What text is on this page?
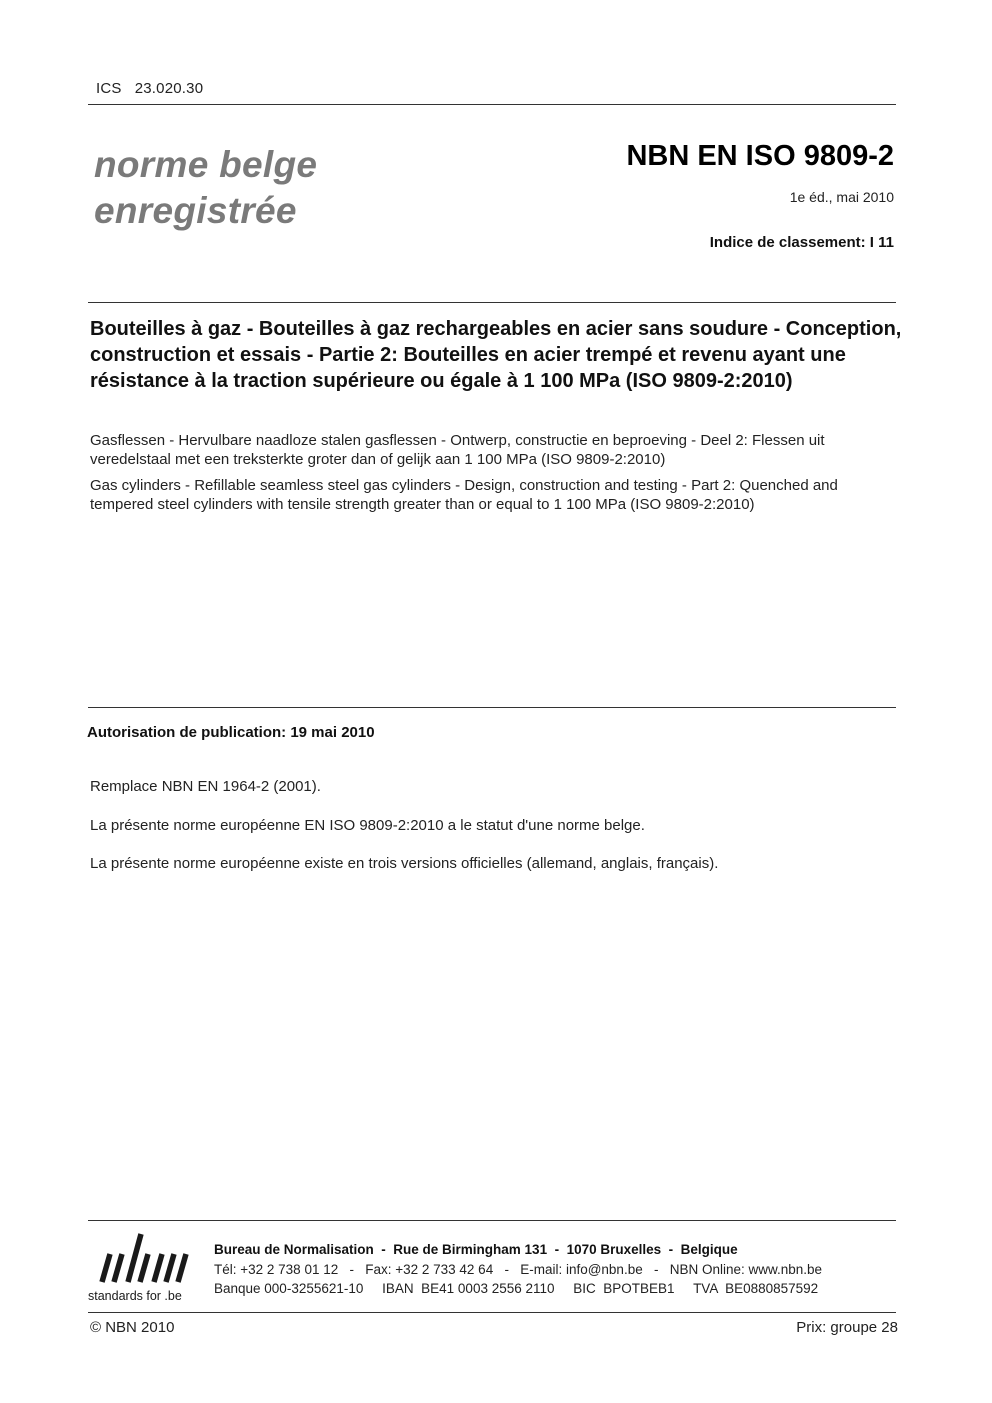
ICS   23.020.30
norme belge
enregistrée
NBN EN ISO 9809-2
1e éd., mai 2010
Indice de classement: I 11
Bouteilles à gaz - Bouteilles à gaz rechargeables en acier sans soudure - Conception, construction et essais - Partie 2: Bouteilles en acier trempé et revenu ayant une résistance à la traction supérieure ou égale à 1 100 MPa (ISO 9809-2:2010)
Gasflessen - Hervulbare naadloze stalen gasflessen - Ontwerp, constructie en beproeving - Deel 2: Flessen uit veredelstaal met een treksterkte groter dan of gelijk aan 1 100 MPa (ISO 9809-2:2010)
Gas cylinders - Refillable seamless steel gas cylinders - Design, construction and testing - Part 2: Quenched and tempered steel cylinders with tensile strength greater than or equal to 1 100 MPa (ISO 9809-2:2010)
Autorisation de publication: 19 mai 2010
Remplace NBN EN 1964-2 (2001).
La présente norme européenne EN ISO 9809-2:2010 a le statut d'une norme belge.
La présente norme européenne existe en trois versions officielles (allemand, anglais, français).
standards for .be
Bureau de Normalisation  -  Rue de Birmingham 131  -  1070 Bruxelles  -  Belgique
Tél: +32 2 738 01 12   -   Fax: +32 2 733 42 64   -   E-mail: info@nbn.be   -   NBN Online: www.nbn.be
Banque 000-3255621-10     IBAN  BE41 0003 2556 2110     BIC  BPOTBEB1     TVA  BE0880857592
© NBN 2010	Prix: groupe 28
